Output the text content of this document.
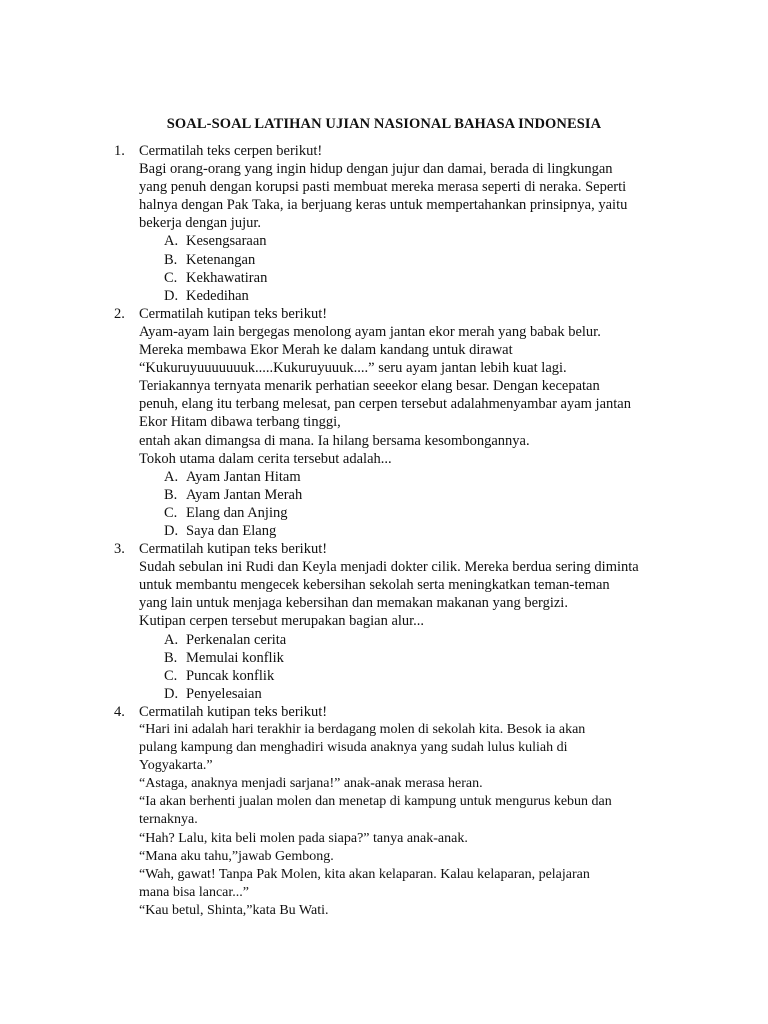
SOAL-SOAL LATIHAN UJIAN NASIONAL BAHASA INDONESIA
1. Cermatilah teks cerpen berikut!
Bagi orang-orang yang ingin hidup dengan jujur dan damai, berada di lingkungan
yang penuh dengan korupsi pasti membuat mereka merasa seperti di neraka. Seperti
halnya dengan Pak Taka, ia berjuang keras untuk mempertahankan prinsipnya, yaitu
bekerja dengan jujur.
A. Kesengsaraan
B. Ketenangan
C. Kekhawatiran
D. Kededihan
2. Cermatilah kutipan teks berikut!
Ayam-ayam lain bergegas menolong ayam jantan ekor merah yang babak belur.
Mereka membawa Ekor Merah ke dalam kandang untuk dirawat
“Kukuruyuuuuuuuk.....Kukuruyuuuk....” seru ayam jantan lebih kuat lagi.
Teriakannya ternyata menarik perhatian seeekor elang besar. Dengan kecepatan
penuh, elang itu terbang melesat, pan cerpen tersebut adalahmenyambar ayam jantan
Ekor Hitam dibawa terbang tinggi,
entah akan dimangsa di mana. Ia hilang bersama kesombongannya.
Tokoh utama dalam cerita tersebut adalah...
A. Ayam Jantan Hitam
B. Ayam Jantan Merah
C. Elang dan Anjing
D. Saya dan Elang
3. Cermatilah kutipan teks berikut!
Sudah sebulan ini Rudi dan Keyla menjadi dokter cilik. Mereka berdua sering diminta
untuk membantu mengecek kebersihan sekolah serta meningkatkan teman-teman
yang lain untuk menjaga kebersihan dan memakan makanan yang bergizi.
Kutipan cerpen tersebut merupakan bagian alur...
A. Perkenalan cerita
B. Memulai konflik
C. Puncak konflik
D. Penyelesaian
4. Cermatilah kutipan teks berikut!
“Hari ini adalah hari terakhir ia berdagang molen di sekolah kita. Besok ia akan
pulang kampung dan menghadiri wisuda anaknya yang sudah lulus kuliah di
Yogyakarta.”
“Astaga, anaknya menjadi sarjana!” anak-anak merasa heran.
“Ia akan berhenti jualan molen dan menetap di kampung untuk mengurus kebun dan
ternaknya.
“Hah? Lalu, kita beli molen pada siapa?” tanya anak-anak.
“Mana aku tahu,”jawab Gembong.
“Wah, gawat! Tanpa Pak Molen, kita akan kelaparan. Kalau kelaparan, pelajaran
mana bisa lancar...”
“Kau betul, Shinta,”kata Bu Wati.
